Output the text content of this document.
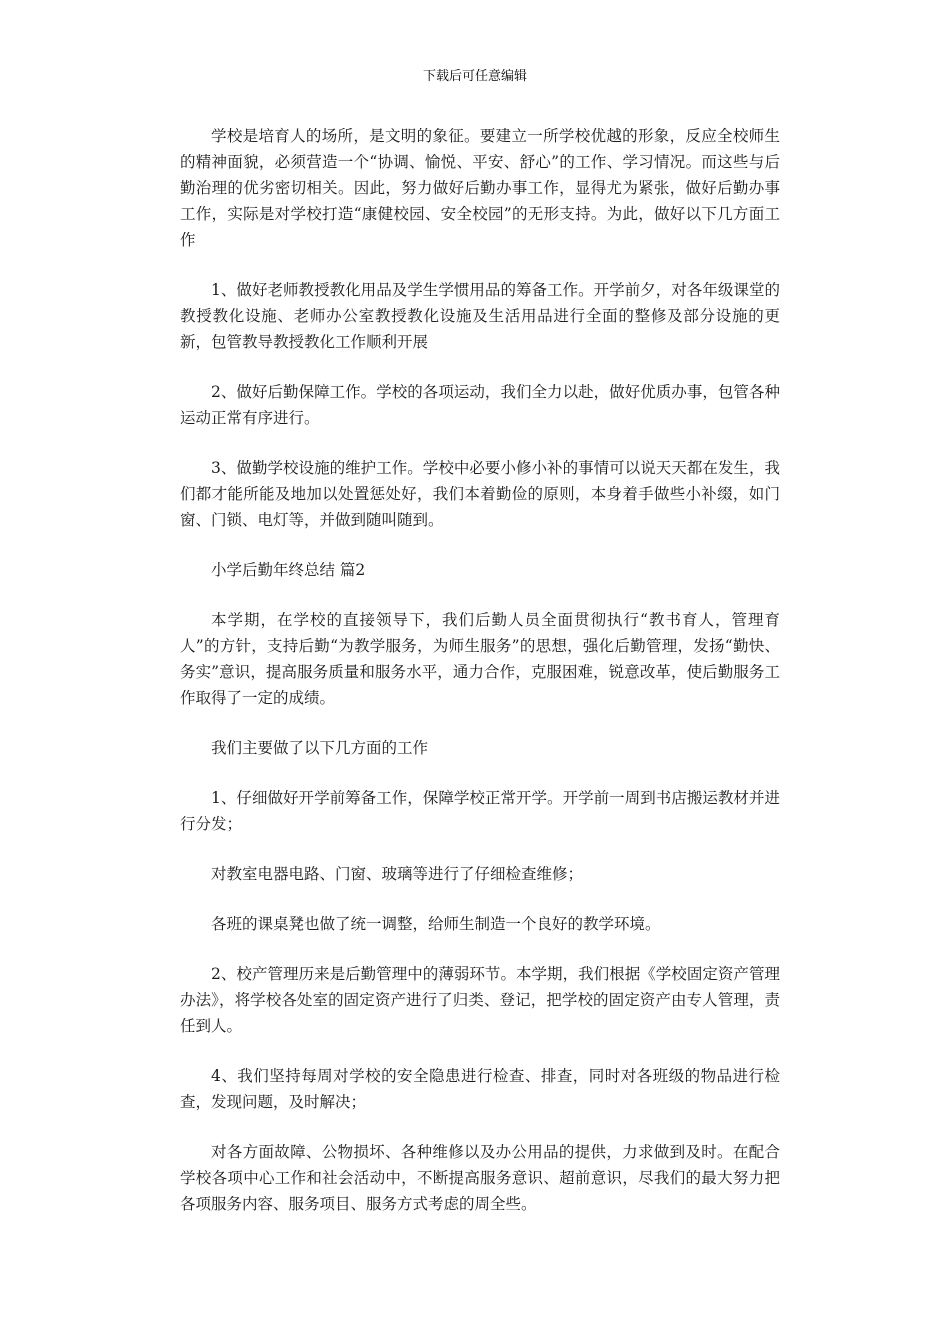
下载后可任意编辑

学校是培育人的场所，是文明的象征。要建立一所学校优越的形象，反应全校师生的精神面貌，必须营造一个“协调、愉悦、平安、舒心”的工作、学习情况。而这些与后勤治理的优劣密切相关。因此，努力做好后勤办事工作，显得尤为紧张，做好后勤办事工作，实际是对学校打造“康健校园、安全校园”的无形支持。为此，做好以下几方面工作

1、做好老师教授教化用品及学生学惯用品的筹备工作。开学前夕，对各年级课堂的教授教化设施、老师办公室教授教化设施及生活用品进行全面的整修及部分设施的更新，包管教导教授教化工作顺利开展

2、做好后勤保障工作。学校的各项运动，我们全力以赴，做好优质办事，包管各种运动正常有序进行。

3、做勤学校设施的维护工作。学校中必要小修小补的事情可以说天天都在发生，我们都才能所能及地加以处置惩处好，我们本着勤俭的原则，本身着手做些小补缀，如门窗、门锁、电灯等，并做到随叫随到。

小学后勤年终总结 篇2

本学期，在学校的直接领导下，我们后勤人员全面贯彻执行“教书育人，管理育人”的方针，支持后勤“为教学服务，为师生服务”的思想，强化后勤管理，发扬“勤快、务实”意识，提高服务质量和服务水平，通力合作，克服困难，锐意改革，使后勤服务工作取得了一定的成绩。

我们主要做了以下几方面的工作

1、仔细做好开学前筹备工作，保障学校正常开学。开学前一周到书店搬运教材并进行分发；

对教室电器电路、门窗、玻璃等进行了仔细检查维修；

各班的课桌凳也做了统一调整，给师生制造一个良好的教学环境。

2、校产管理历来是后勤管理中的薄弱环节。本学期，我们根据《学校固定资产管理办法》，将学校各处室的固定资产进行了归类、登记，把学校的固定资产由专人管理，责任到人。

4、我们坚持每周对学校的安全隐患进行检查、排查，同时对各班级的物品进行检查，发现问题，及时解决；

对各方面故障、公物损坏、各种维修以及办公用品的提供，力求做到及时。在配合学校各项中心工作和社会活动中，不断提高服务意识、超前意识，尽我们的最大努力把各项服务内容、服务项目、服务方式考虑的周全些。
